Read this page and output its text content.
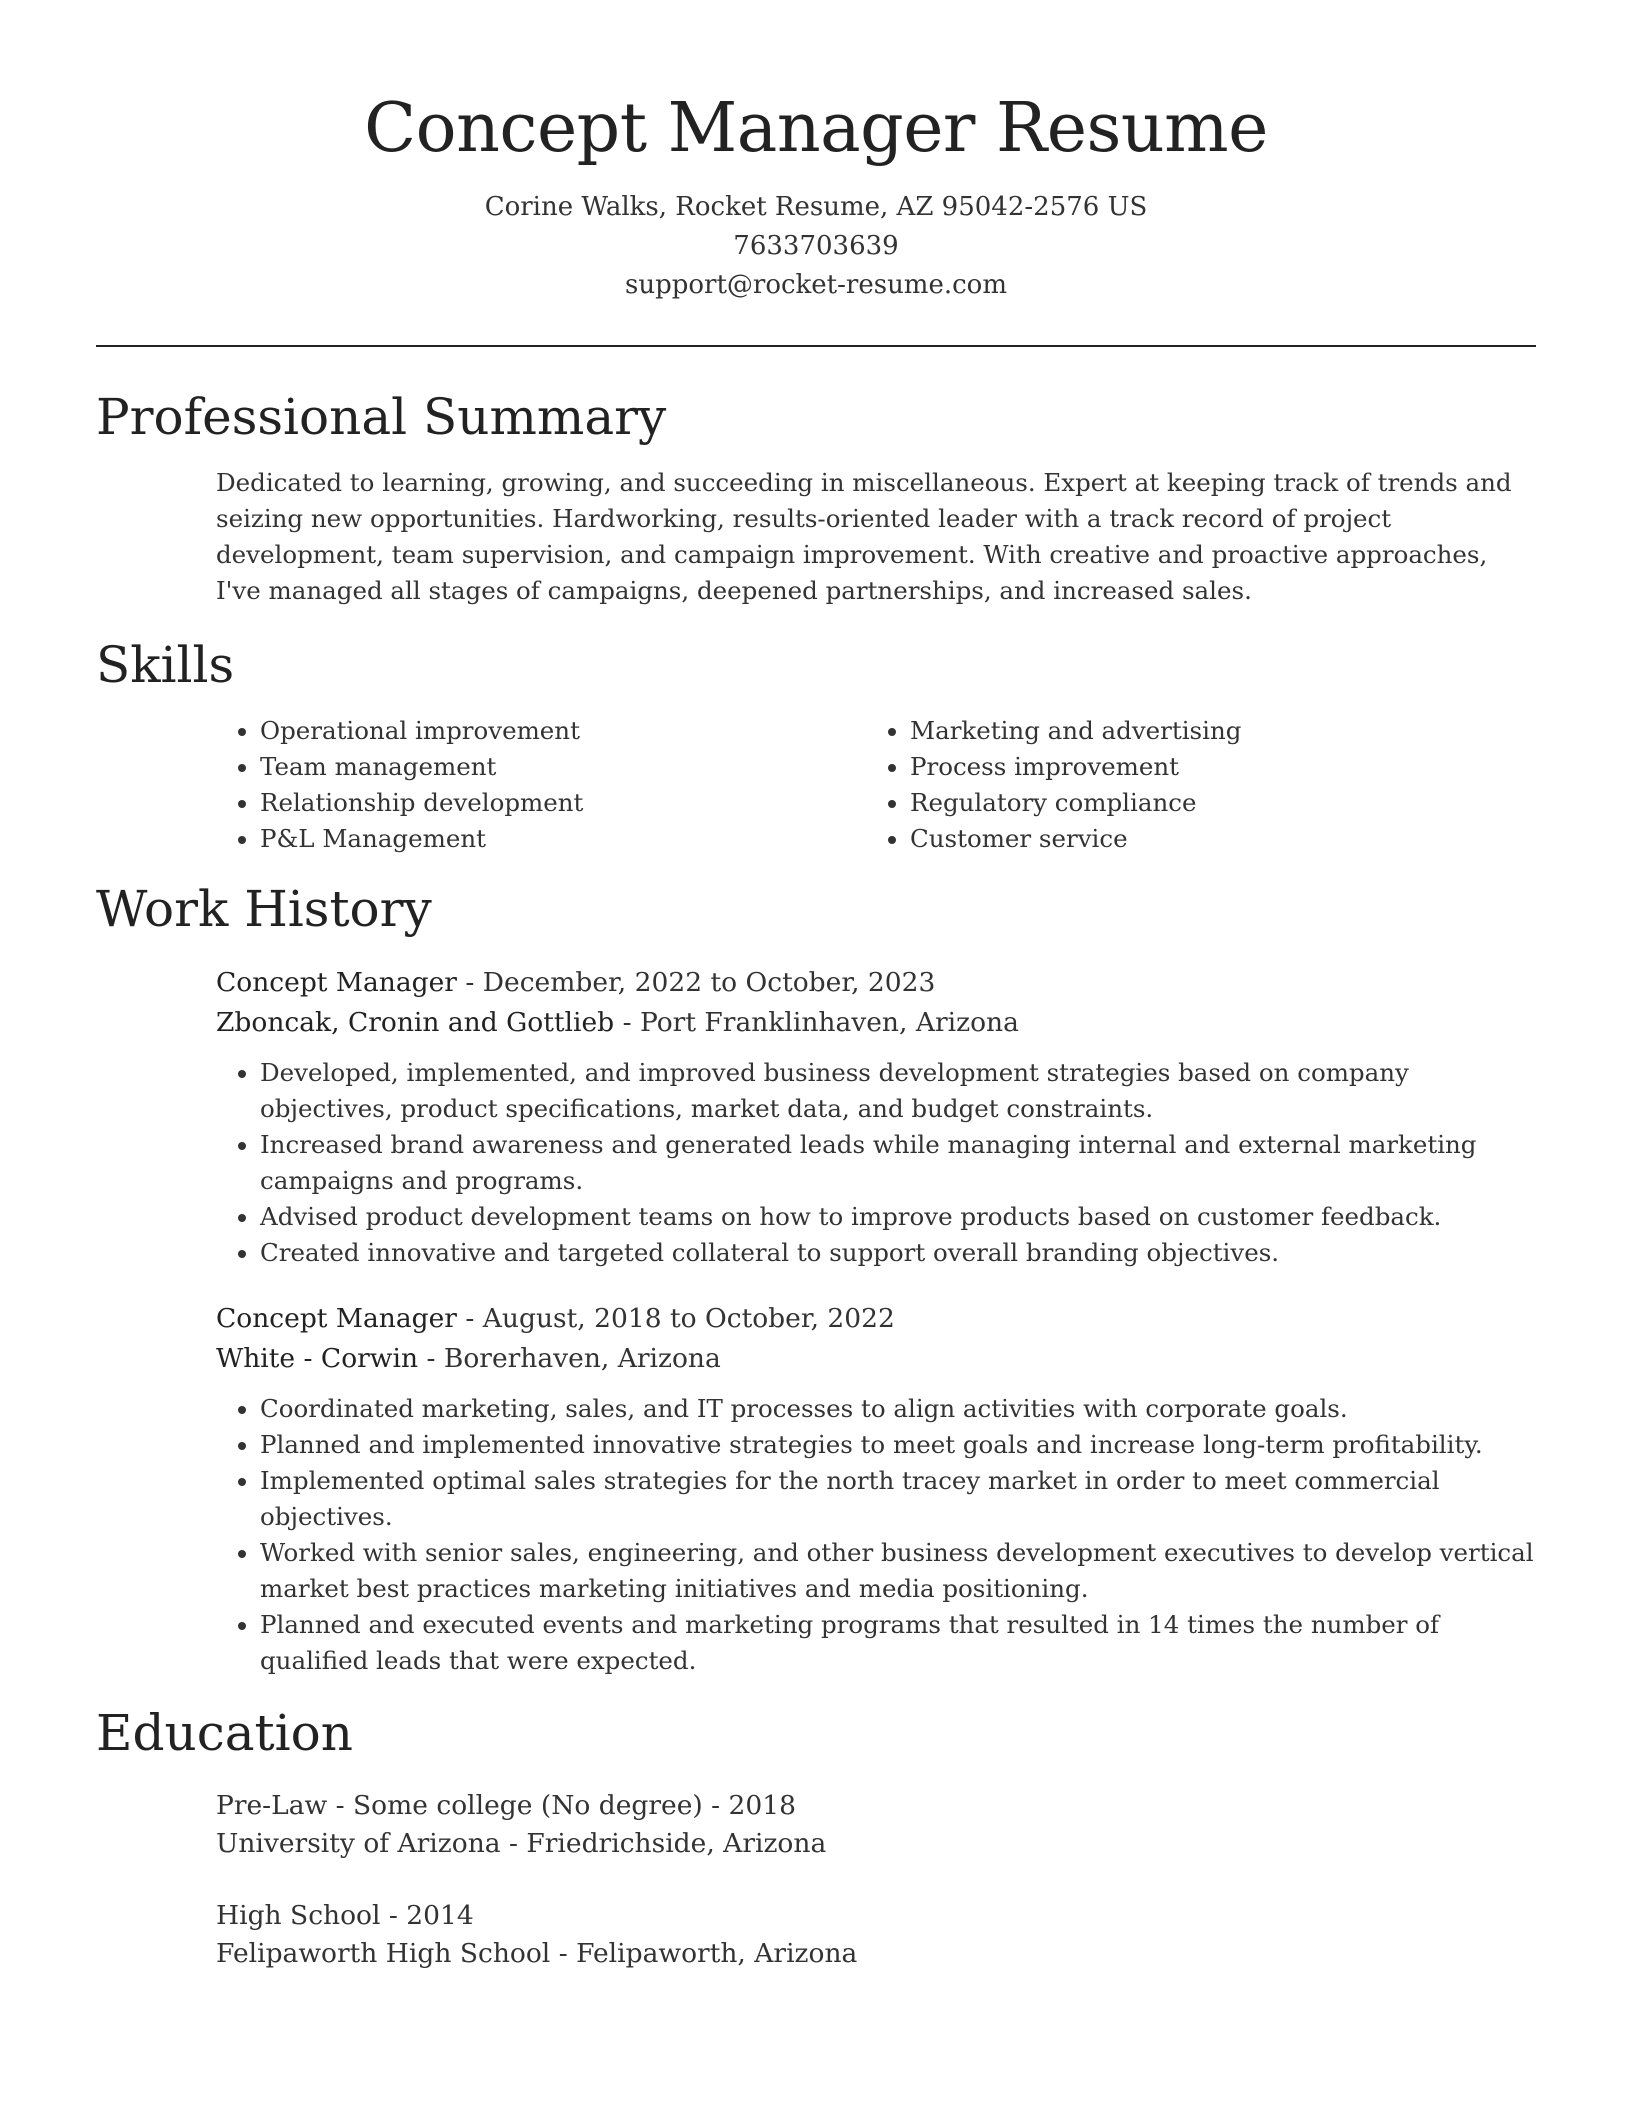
Concept Manager Resume
Corine Walks, Rocket Resume, AZ 95042-2576 US
7633703639
support@rocket-resume.com
Professional Summary
Dedicated to learning, growing, and succeeding in miscellaneous. Expert at keeping track of trends and seizing new opportunities. Hardworking, results-oriented leader with a track record of project development, team supervision, and campaign improvement. With creative and proactive approaches, I've managed all stages of campaigns, deepened partnerships, and increased sales.
Skills
• Operational improvement
• Team management
• Relationship development
• P&L Management
• Marketing and advertising
• Process improvement
• Regulatory compliance
• Customer service
Work History
Concept Manager - December, 2022 to October, 2023
Zboncak, Cronin and Gottlieb - Port Franklinhaven, Arizona
• Developed, implemented, and improved business development strategies based on company objectives, product specifications, market data, and budget constraints.
• Increased brand awareness and generated leads while managing internal and external marketing campaigns and programs.
• Advised product development teams on how to improve products based on customer feedback.
• Created innovative and targeted collateral to support overall branding objectives.
Concept Manager - August, 2018 to October, 2022
White - Corwin - Borerhaven, Arizona
• Coordinated marketing, sales, and IT processes to align activities with corporate goals.
• Planned and implemented innovative strategies to meet goals and increase long-term profitability.
• Implemented optimal sales strategies for the north tracey market in order to meet commercial objectives.
• Worked with senior sales, engineering, and other business development executives to develop vertical market best practices marketing initiatives and media positioning.
• Planned and executed events and marketing programs that resulted in 14 times the number of qualified leads that were expected.
Education
Pre-Law - Some college (No degree) - 2018
University of Arizona - Friedrichside, Arizona
High School - 2014
Felipaworth High School - Felipaworth, Arizona
